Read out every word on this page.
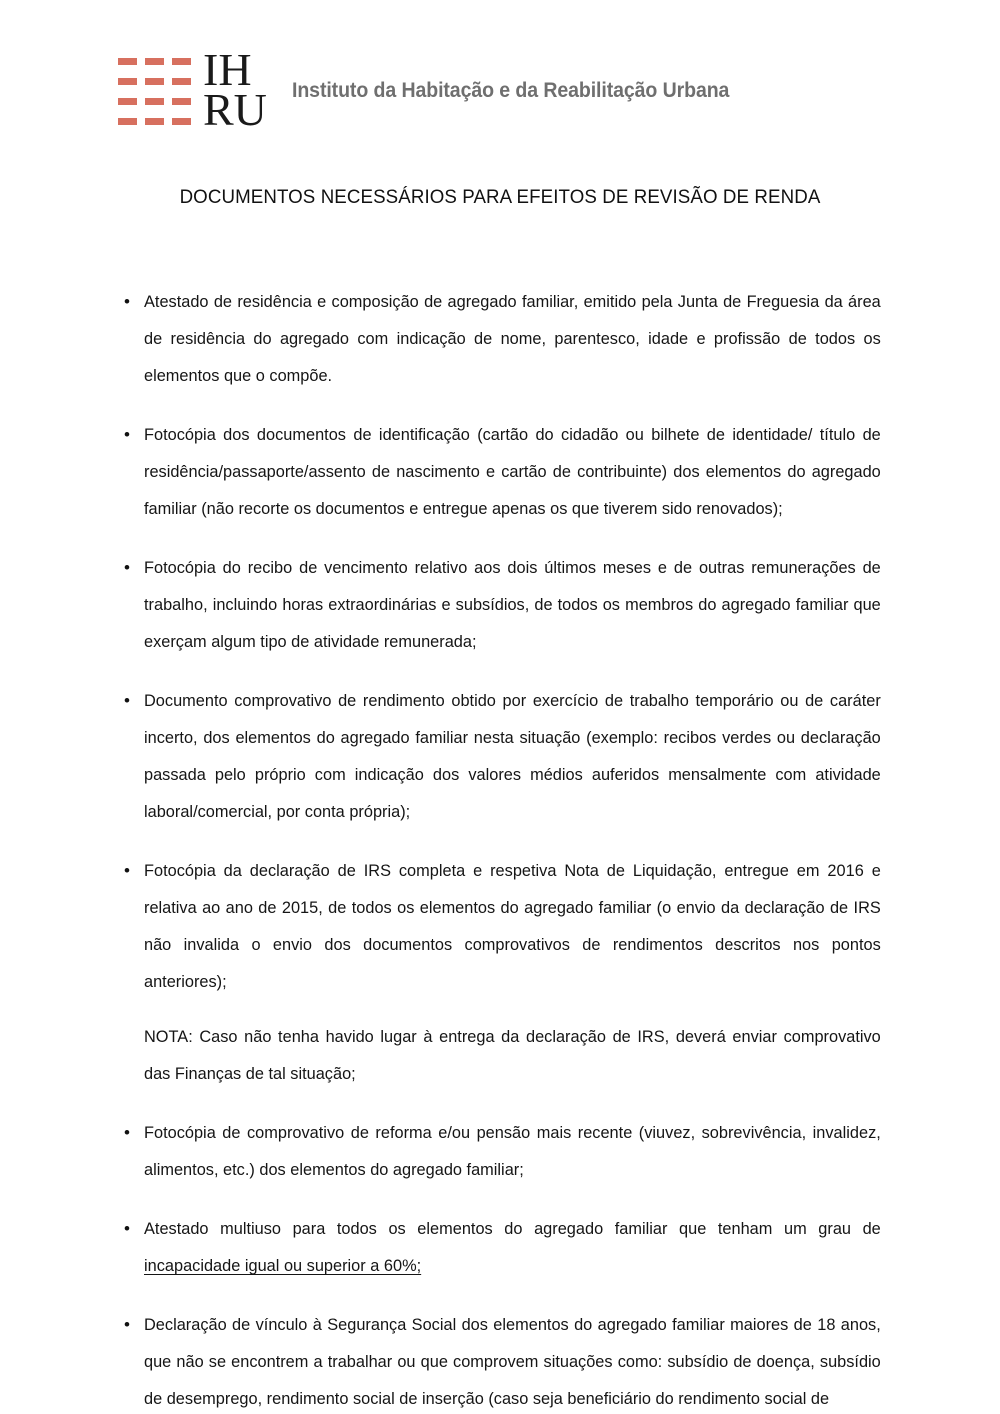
IH
RU Instituto da Habitação e da Reabilitação Urbana
DOCUMENTOS NECESSÁRIOS PARA EFEITOS DE REVISÃO DE RENDA
• Atestado de residência e composição de agregado familiar, emitido pela Junta de Freguesia da área de residência do agregado com indicação de nome, parentesco, idade e profissão de todos os elementos que o compõe.
• Fotocópia dos documentos de identificação (cartão do cidadão ou bilhete de identidade/ título de residência/passaporte/assento de nascimento e cartão de contribuinte) dos elementos do agregado familiar (não recorte os documentos e entregue apenas os que tiverem sido renovados);
• Fotocópia do recibo de vencimento relativo aos dois últimos meses e de outras remunerações de trabalho, incluindo horas extraordinárias e subsídios, de todos os membros do agregado familiar que exerçam algum tipo de atividade remunerada;
• Documento comprovativo de rendimento obtido por exercício de trabalho temporário ou de caráter incerto, dos elementos do agregado familiar nesta situação (exemplo: recibos verdes ou declaração passada pelo próprio com indicação dos valores médios auferidos mensalmente com atividade laboral/comercial, por conta própria);
• Fotocópia da declaração de IRS completa e respetiva Nota de Liquidação, entregue em 2016 e relativa ao ano de 2015, de todos os elementos do agregado familiar (o envio da declaração de IRS não invalida o envio dos documentos comprovativos de rendimentos descritos nos pontos anteriores);
NOTA: Caso não tenha havido lugar à entrega da declaração de IRS, deverá enviar comprovativo das Finanças de tal situação;
• Fotocópia de comprovativo de reforma e/ou pensão mais recente (viuvez, sobrevivência, invalidez, alimentos, etc.) dos elementos do agregado familiar;
• Atestado multiuso para todos os elementos do agregado familiar que tenham um grau de incapacidade igual ou superior a 60%;
• Declaração de vínculo à Segurança Social dos elementos do agregado familiar maiores de 18 anos, que não se encontrem a trabalhar ou que comprovem situações como: subsídio de doença, subsídio de desemprego, rendimento social de inserção (caso seja beneficiário do rendimento social de
